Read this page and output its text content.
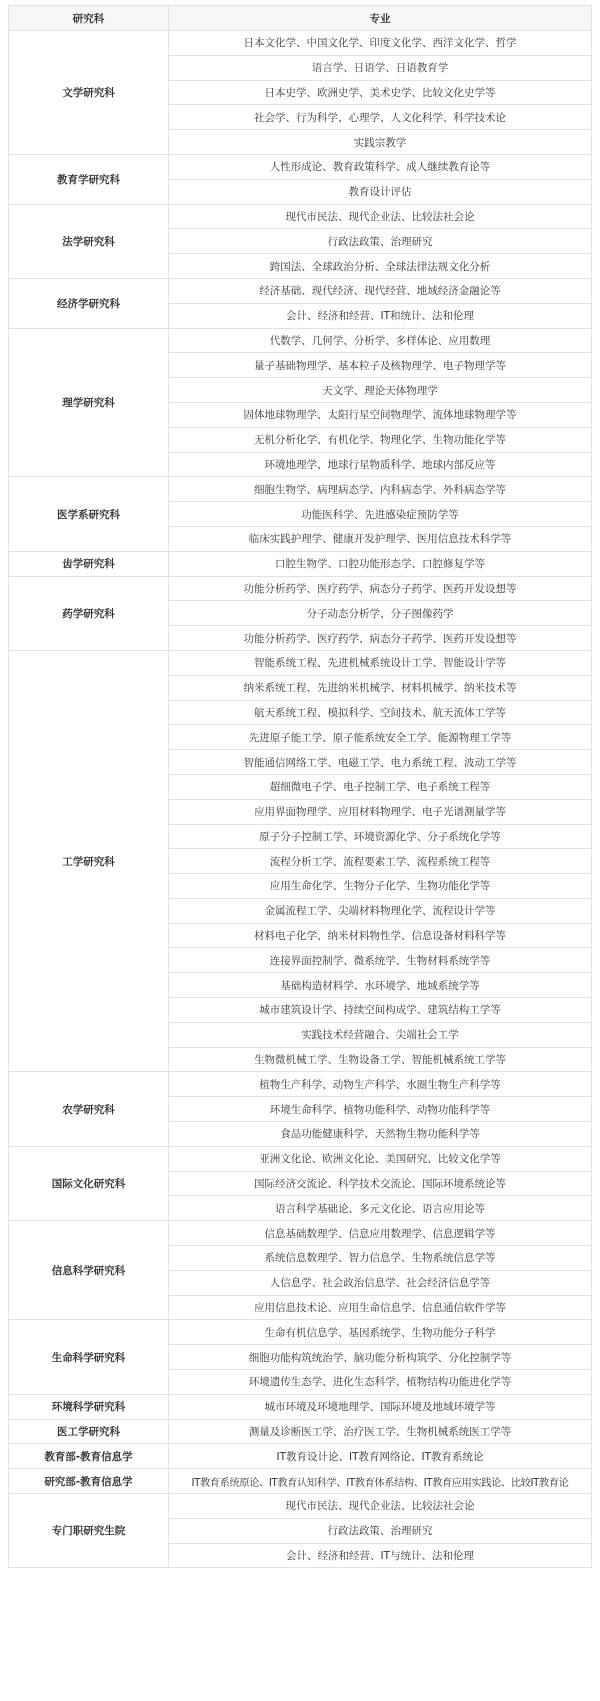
研究科	专业
文学研究科	日本文化学、中国文化学、印度文化学、西洋文化学、哲学
	语言学、日语学、日语教育学
	日本史学、欧洲史学、美术史学、比较文化史学等
	社会学、行为科学、心理学、人文化科学、科学技术论
	实践宗教学
教育学研究科	人性形成论、教育政策科学、成人继续教育论等
	教育设计评估
法学研究科	现代市民法、现代企业法、比较法社会论
	行政法政策、治理研究
	跨国法、全球政治分析、全球法律法规文化分析
经济学研究科	经济基础、现代经济、现代经营、地域经济金融论等
	会计、经济和经营、IT和统计、法和伦理
理学研究科	代数学、几何学、分析学、多样体论、应用数理
	量子基础物理学、基本粒子及核物理学、电子物理学等
	天文学、理论天体物理学
	固体地球物理学、太阳行星空间物理学、流体地球物理学等
	无机分析化学、有机化学、物理化学、生物功能化学等
	环境地理学、地球行星物质科学、地球内部反应等
医学系研究科	细胞生物学、病理病态学、内科病态学、外科病态学等
	功能医科学、先进感染症预防学等
	临床实践护理学、健康开发护理学、医用信息技术科学等
齿学研究科	口腔生物学、口腔功能形态学、口腔修复学等
药学研究科	功能分析药学、医疗药学、病态分子药学、医药开发设想等
	分子动态分析学、分子图像药学
	功能分析药学、医疗药学、病态分子药学、医药开发设想等
工学研究科	智能系统工程、先进机械系统设计工学、智能设计学等
	纳米系统工程、先进纳米机械学、材料机械学、纳米技术等
	航天系统工程、模拟科学、空间技术、航天流体工学等
	先进原子能工学、原子能系统安全工学、能源物理工学等
	智能通信网络工学、电磁工学、电力系统工程、波动工学等
	超细微电子学、电子控制工学、电子系统工程等
	应用界面物理学、应用材料物理学、电子光谱测量学等
	原子分子控制工学、环境资源化学、分子系统化学等
	流程分析工学、流程要素工学、流程系统工程等
	应用生命化学、生物分子化学、生物功能化学等
	金属流程工学、尖端材料物理化学、流程设计学等
	材料电子化学、纳米材料物性学、信息设备材料科学等
	连接界面控制学、微系统学、生物材料系统学等
	基础构造材料学、水环境学、地域系统学等
	城市建筑设计学、持续空间构成学、建筑结构工学等
	实践技术经营融合、尖端社会工学
	生物微机械工学、生物设备工学、智能机械系统工学等
农学研究科	植物生产科学、动物生产科学、水圈生物生产科学等
	环境生命科学、植物功能科学、动物功能科学等
	食品功能健康科学、天然物生物功能科学等
国际文化研究科	亚洲文化论、欧洲文化论、美国研究、比较文化学等
	国际经济交流论、科学技术交流论、国际环境系统论等
	语言科学基础论、多元文化论、语言应用论等
信息科学研究科	信息基础数理学、信息应用数理学、信息逻辑学等
	系统信息数理学、智力信息学、生物系统信息学等
	人信息学、社会政治信息学、社会经济信息学等
	应用信息技术论、应用生命信息学、信息通信软件学等
生命科学研究科	生命有机信息学、基因系统学、生物功能分子科学
	细胞功能构筑统治学、脑功能分析构筑学、分化控制学等
	环境遗传生态学、进化生态科学、植物结构功能进化学等
环境科学研究科	城市环境及环境地理学、国际环境及地域环境学等
医工学研究科	测量及诊断医工学、治疗医工学、生物机械系统医工学等
教育部-教育信息学	IT教育设计论、IT教育网络论、IT教育系统论
研究部-教育信息学	IT教育系统原论、IT教育认知科学、IT教育体系结构、IT教育应用实践论、比较IT教育论
专门职研究生院	现代市民法、现代企业法、比较法社会论
	行政法政策、治理研究
	会计、经济和经营、IT与统计、法和伦理
